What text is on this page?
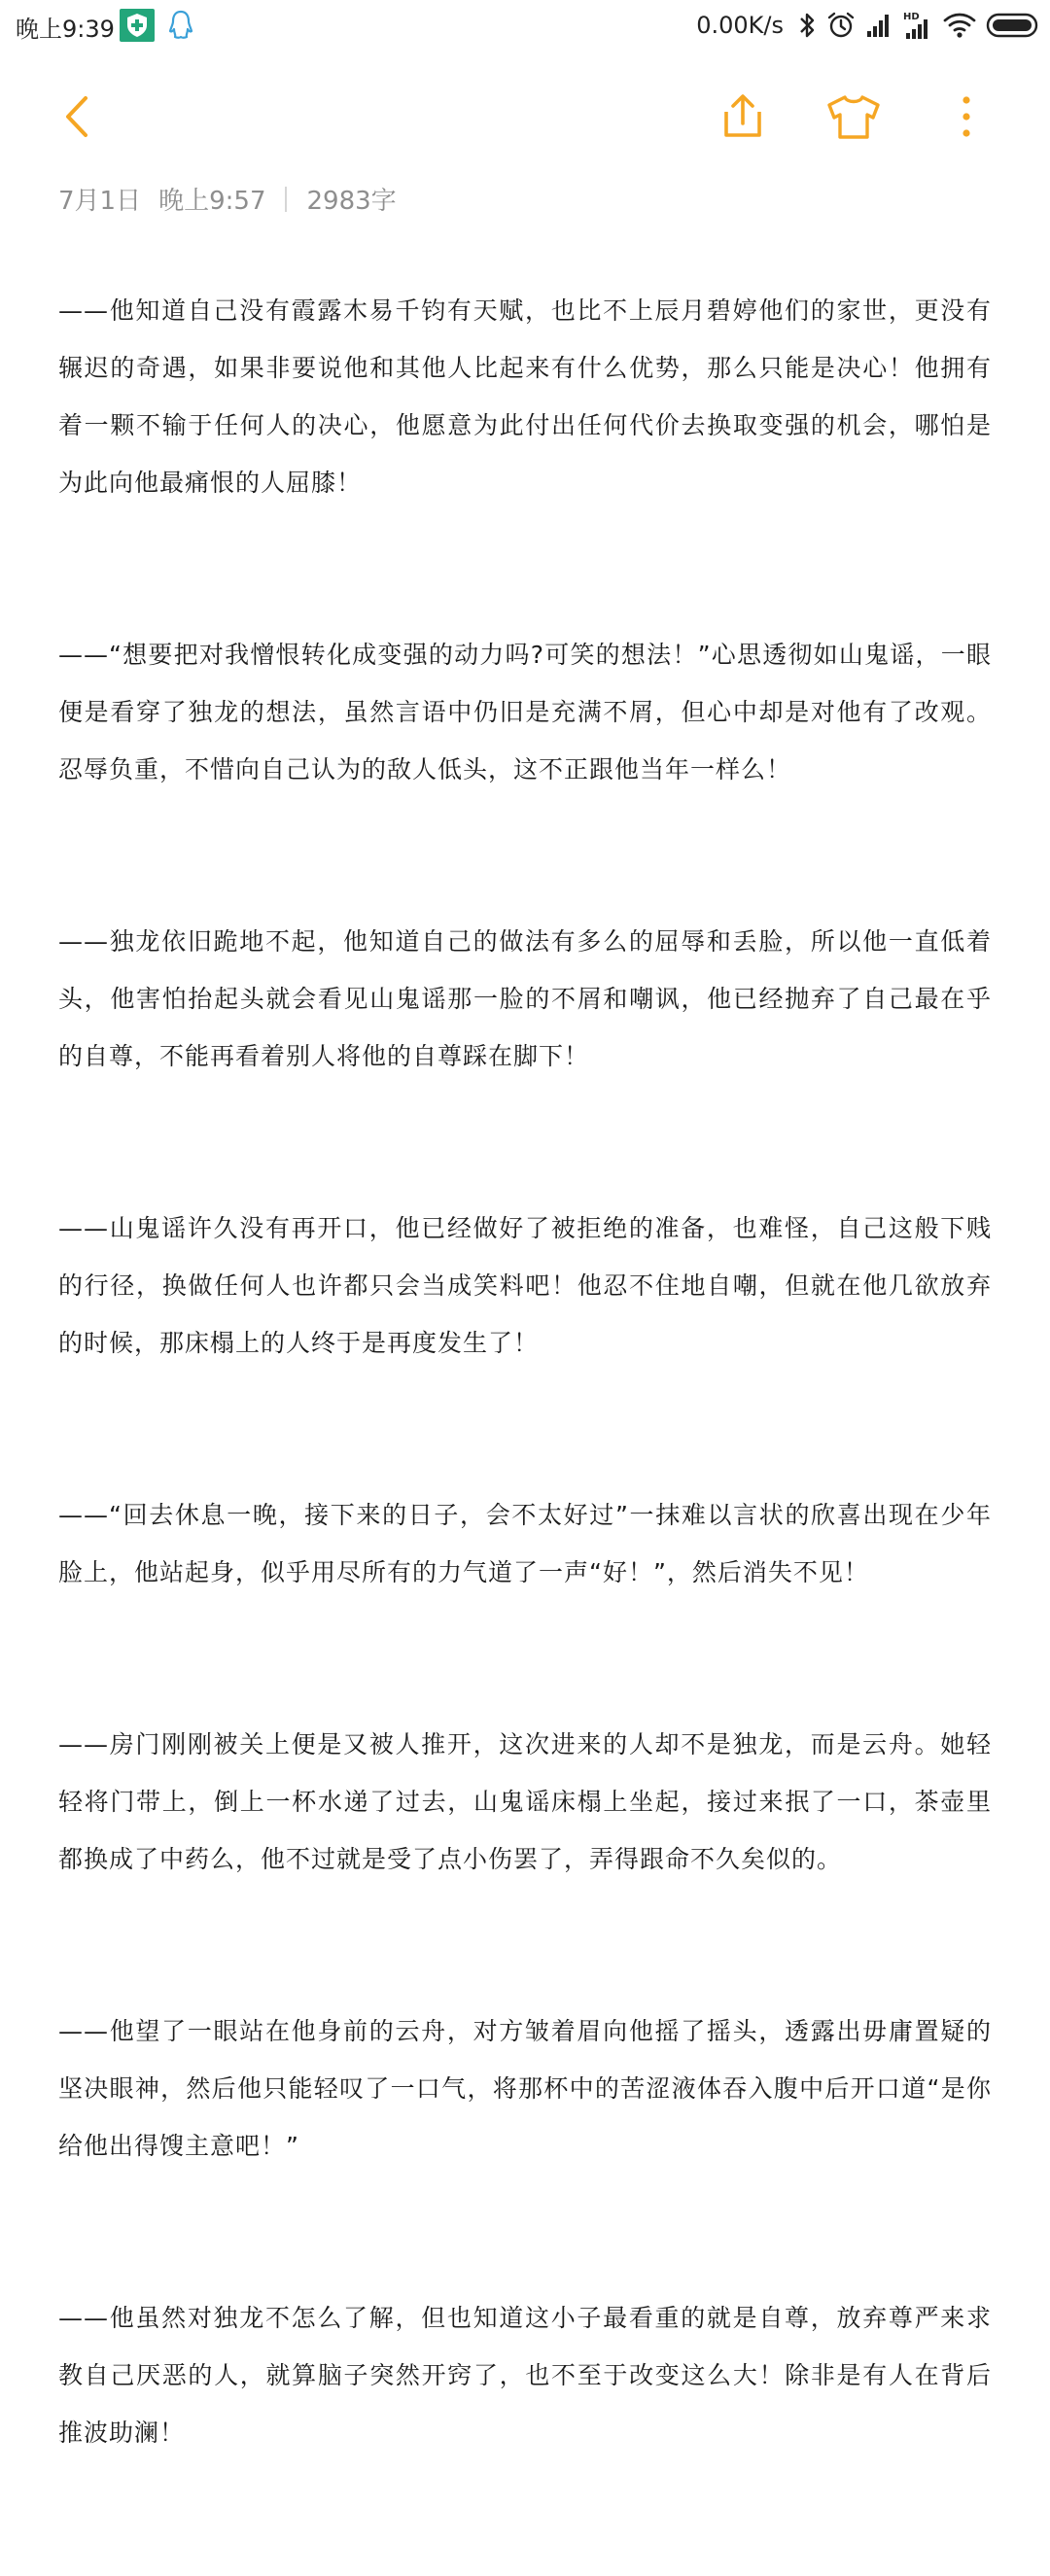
晚上9:39	0.00K/s	HD
7月1日 晚上9:57 2983字

——他知道自己没有霞露木易千钧有天赋，也比不上辰月碧婷他们的家世，更没有辗迟的奇遇，如果非要说他和其他人比起来有什么优势，那么只能是决心！他拥有着一颗不输于任何人的决心，他愿意为此付出任何代价去换取变强的机会，哪怕是为此向他最痛恨的人屈膝！

——“想要把对我憎恨转化成变强的动力吗?可笑的想法！”心思透彻如山鬼谣，一眼便是看穿了独龙的想法，虽然言语中仍旧是充满不屑，但心中却是对他有了改观。忍辱负重，不惜向自己认为的敌人低头，这不正跟他当年一样么！

——独龙依旧跪地不起，他知道自己的做法有多么的屈辱和丢脸，所以他一直低着头，他害怕抬起头就会看见山鬼谣那一脸的不屑和嘲讽，他已经抛弃了自己最在乎的自尊，不能再看着别人将他的自尊踩在脚下！

——山鬼谣许久没有再开口，他已经做好了被拒绝的准备，也难怪，自己这般下贱的行径，换做任何人也许都只会当成笑料吧！他忍不住地自嘲，但就在他几欲放弃的时候，那床榻上的人终于是再度发生了！

——“回去休息一晚，接下来的日子，会不太好过”一抹难以言状的欣喜出现在少年脸上，他站起身，似乎用尽所有的力气道了一声“好！”，然后消失不见！

——房门刚刚被关上便是又被人推开，这次进来的人却不是独龙，而是云舟。她轻轻将门带上，倒上一杯水递了过去，山鬼谣床榻上坐起，接过来抿了一口，茶壶里都换成了中药么，他不过就是受了点小伤罢了，弄得跟命不久矣似的。

——他望了一眼站在他身前的云舟，对方皱着眉向他摇了摇头，透露出毋庸置疑的坚决眼神，然后他只能轻叹了一口气，将那杯中的苦涩液体吞入腹中后开口道“是你给他出得馊主意吧！”

——他虽然对独龙不怎么了解，但也知道这小子最看重的就是自尊，放弃尊严来求教自己厌恶的人，就算脑子突然开窍了，也不至于改变这么大！除非是有人在背后推波助澜！
